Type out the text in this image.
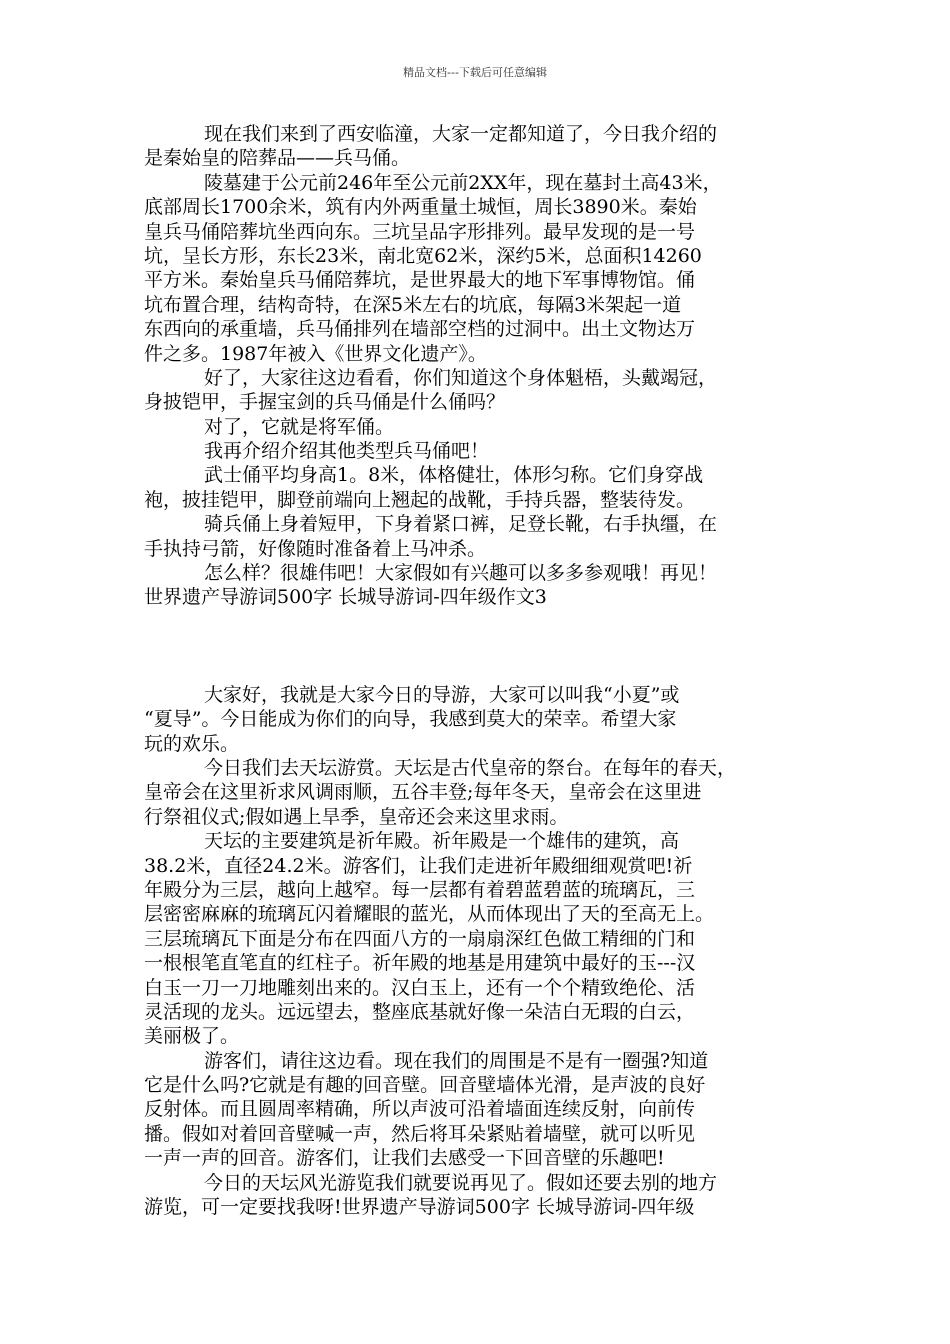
精品文档---下载后可任意编辑
现在我们来到了西安临潼，大家一定都知道了，今日我介绍的
是秦始皇的陪葬品——兵马俑。
陵墓建于公元前246年至公元前2XX年，现在墓封土高43米，
底部周长1700余米，筑有内外两重量土城恒，周长3890米。秦始
皇兵马俑陪葬坑坐西向东。三坑呈品字形排列。最早发现的是一号
坑，呈长方形，东长23米，南北宽62米，深约5米，总面积14260
平方米。秦始皇兵马俑陪葬坑，是世界最大的地下军事博物馆。俑
坑布置合理，结构奇特，在深5米左右的坑底，每隔3米架起一道
东西向的承重墙，兵马俑排列在墙部空档的过洞中。出土文物达万
件之多。1987年被入《世界文化遗产》。
好了，大家往这边看看，你们知道这个身体魁梧，头戴竭冠，
身披铠甲，手握宝剑的兵马俑是什么俑吗？
对了，它就是将军俑。
我再介绍介绍其他类型兵马俑吧！
武士俑平均身高1。8米，体格健壮，体形匀称。它们身穿战
袍，披挂铠甲，脚登前端向上翘起的战靴，手持兵器，整装待发。
骑兵俑上身着短甲，下身着紧口裤，足登长靴，右手执缰，在
手执持弓箭，好像随时准备着上马冲杀。
怎么样？很雄伟吧！大家假如有兴趣可以多多参观哦！再见！
世界遗产导游词500字 长城导游词-四年级作文3
大家好，我就是大家今日的导游，大家可以叫我“小夏”或
“夏导”。今日能成为你们的向导，我感到莫大的荣幸。希望大家
玩的欢乐。
今日我们去天坛游赏。天坛是古代皇帝的祭台。在每年的春天，
皇帝会在这里祈求风调雨顺，五谷丰登;每年冬天，皇帝会在这里进
行祭祖仪式;假如遇上旱季，皇帝还会来这里求雨。
天坛的主要建筑是祈年殿。祈年殿是一个雄伟的建筑，高
38.2米，直径24.2米。游客们，让我们走进祈年殿细细观赏吧!祈
年殿分为三层，越向上越窄。每一层都有着碧蓝碧蓝的琉璃瓦，三
层密密麻麻的琉璃瓦闪着耀眼的蓝光，从而体现出了天的至高无上。
三层琉璃瓦下面是分布在四面八方的一扇扇深红色做工精细的门和
一根根笔直笔直的红柱子。祈年殿的地基是用建筑中最好的玉---汉
白玉一刀一刀地雕刻出来的。汉白玉上，还有一个个精致绝伦、活
灵活现的龙头。远远望去，整座底基就好像一朵洁白无瑕的白云，
美丽极了。
游客们，请往这边看。现在我们的周围是不是有一圈强?知道
它是什么吗?它就是有趣的回音壁。回音壁墙体光滑，是声波的良好
反射体。而且圆周率精确，所以声波可沿着墙面连续反射，向前传
播。假如对着回音壁喊一声，然后将耳朵紧贴着墙壁，就可以听见
一声一声的回音。游客们，让我们去感受一下回音壁的乐趣吧!
今日的天坛风光游览我们就要说再见了。假如还要去别的地方
游览，可一定要找我呀!世界遗产导游词500字 长城导游词-四年级
